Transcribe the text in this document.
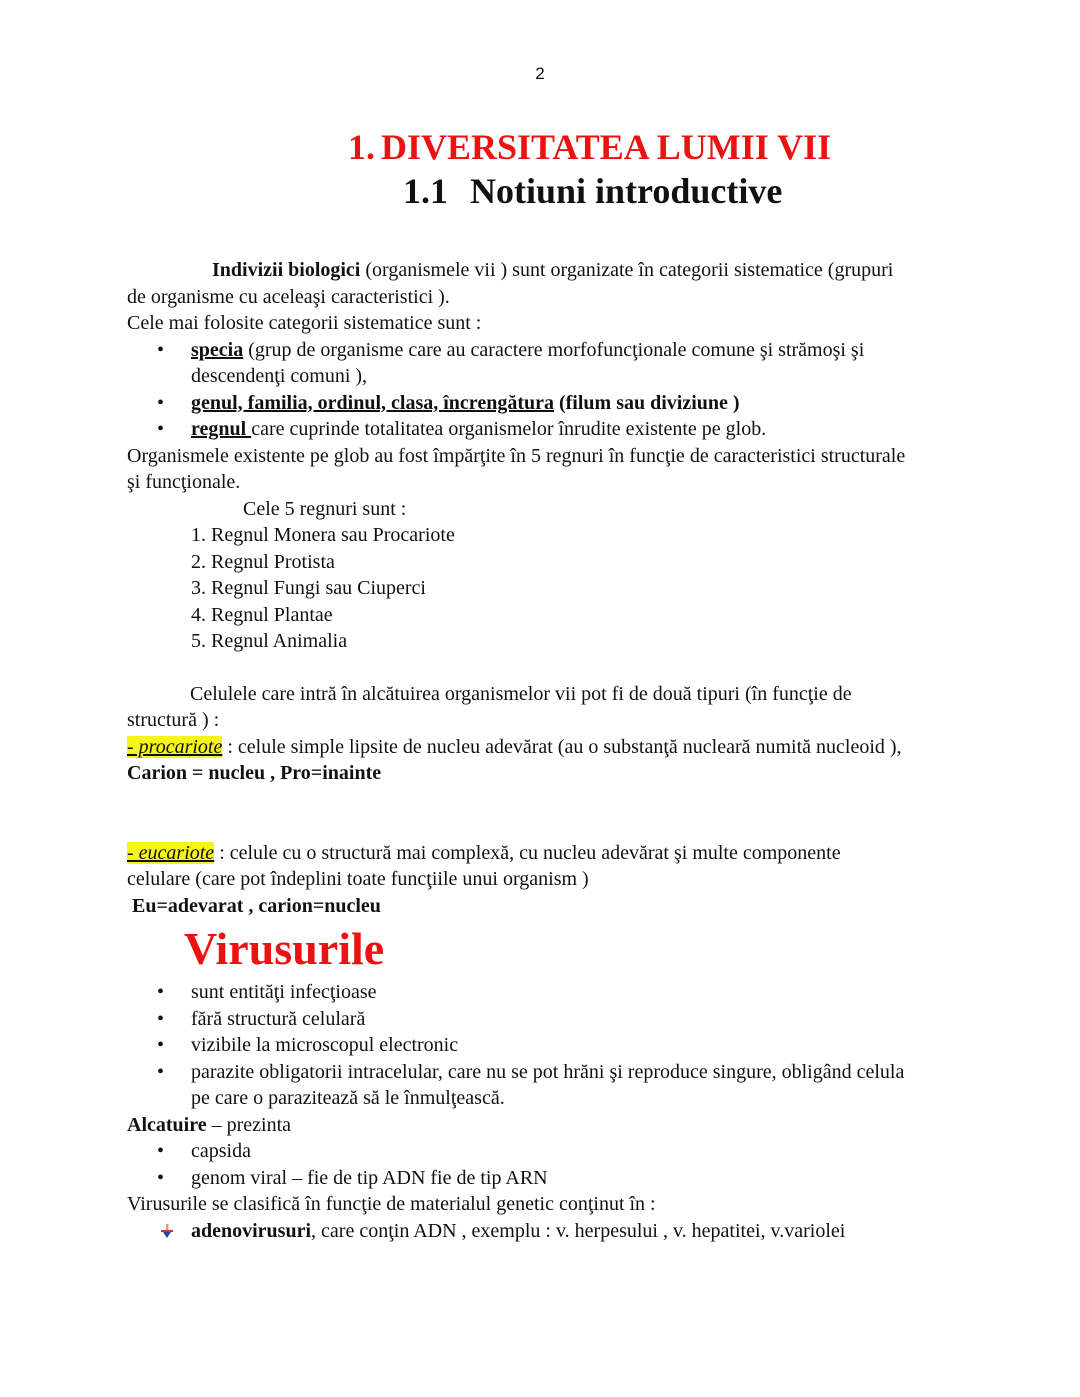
2
1. DIVERSITATEA LUMII VII
1.1 Notiuni introductive
Indivizii biologici (organismele vii ) sunt organizate în categorii sistematice (grupuri
de organisme cu aceleaşi caracteristici ).
Cele mai folosite categorii sistematice sunt :
• specia (grup de organisme care au caractere morfofuncţionale comune şi strămoşi şi
descendenţi comuni ),
• genul, familia, ordinul, clasa, încrengătura (filum sau diviziune )
• regnul care cuprinde totalitatea organismelor înrudite existente pe glob.
Organismele existente pe glob au fost împărţite în 5 regnuri în funcţie de caracteristici structurale
şi funcţionale.
Cele 5 regnuri sunt :
1. Regnul Monera sau Procariote
2. Regnul Protista
3. Regnul Fungi sau Ciuperci
4. Regnul Plantae
5. Regnul Animalia
Celulele care intră în alcătuirea organismelor vii pot fi de două tipuri (în funcţie de
structură ) :
- procariote : celule simple lipsite de nucleu adevărat (au o substanţă nucleară numită nucleoid ),
Carion = nucleu , Pro=inainte
- eucariote : celule cu o structură mai complexă, cu nucleu adevărat şi multe componente
celulare (care pot îndeplini toate funcţiile unui organism )
Eu=adevarat , carion=nucleu
Virusurile
• sunt entităţi infecţioase
• fără structură celulară
• vizibile la microscopul electronic
• parazite obligatorii intracelular, care nu se pot hrăni şi reproduce singure, obligând celula
pe care o parazitează să le înmulţească.
Alcatuire – prezinta
• capsida
• genom viral – fie de tip ADN fie de tip ARN
Virusurile se clasifică în funcţie de materialul genetic conţinut în :
adenovirusuri, care conţin ADN , exemplu : v. herpesului , v. hepatitei, v.variolei
